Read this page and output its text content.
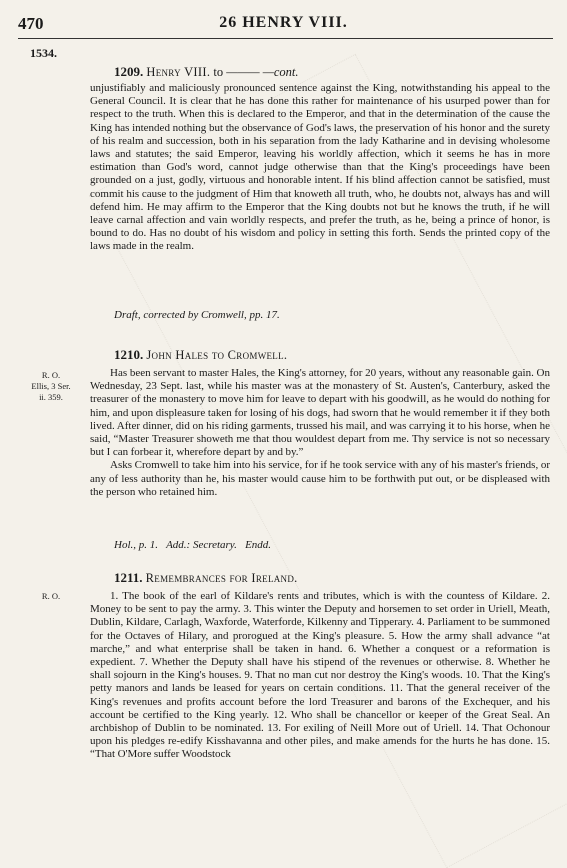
470	26 HENRY VIII.
1534.
1209. Henry VIII. to ——— —cont.

unjustifiably and maliciously pronounced sentence against the King, notwithstanding his appeal to the General Council. It is clear that he has done this rather for maintenance of his usurped power than for respect to the truth. When this is declared to the Emperor, and that in the determination of the cause the King has intended nothing but the observance of God's laws, the preservation of his honor and the surety of his realm and succession, both in his separation from the lady Katharine and in devising wholesome laws and statutes; the said Emperor, leaving his worldly affection, which it seems he has in more estimation than God's word, cannot judge otherwise than that the King's proceedings have been grounded on a just, godly, virtuous and honorable intent. If his blind affection cannot be satisfied, must commit his cause to the judgment of Him that knoweth all truth, who, he doubts not, always has and will defend him. He may affirm to the Emperor that the King doubts not but he knows the truth, if he will leave carnal affection and vain worldly respects, and prefer the truth, as he, being a prince of honor, is bound to do. Has no doubt of his wisdom and policy in setting this forth. Sends the printed copy of the laws made in the realm.

Draft, corrected by Cromwell, pp. 17.
1210. John Hales to Cromwell.
R. O.
Ellis, 3 Ser.
ii. 359.

Has been servant to master Hales, the King's attorney, for 20 years, without any reasonable gain. On Wednesday, 23 Sept. last, while his master was at the monastery of St. Austen's, Canterbury, asked the treasurer of the monastery to move him for leave to depart with his goodwill, as he would do nothing for him, and upon displeasure taken for losing of his dogs, had sworn that he would remember it if they both lived. After dinner, did on his riding garments, trussed his mail, and was carrying it to his horse, when he said, “Master Treasurer showeth me that thou wouldest depart from me. Thy service is not so necessary but I can forbear it, wherefore depart by and by.”

Asks Cromwell to take him into his service, for if he took service with any of his master's friends, or any of less authority than he, his master would cause him to be forthwith put out, or be displeased with the person who retained him.

Hol., p. 1. Add.: Secretary. Endd.
1211. Remembrances for Ireland.
R. O.	1. The book of the earl of Kildare's rents and tributes, which is with the countess of Kildare. 2. Money to be sent to pay the army. 3. This winter the Deputy and horsemen to set order in Uriell, Meath, Dublin, Kildare, Carlagh, Waxforde, Waterforde, Kilkenny and Tipperary. 4. Parliament to be summoned for the Octaves of Hilary, and prorogued at the King's pleasure. 5. How the army shall advance “at marche,” and what enterprise shall be taken in hand. 6. Whether a conquest or a reformation is expedient. 7. Whether the Deputy shall have his stipend of the revenues or otherwise. 8. Whether he shall sojourn in the King's houses. 9. That no man cut nor destroy the King's woods. 10. That the King's petty manors and lands be leased for years on certain conditions. 11. That the general receiver of the King's revenues and profits account before the lord Treasurer and barons of the Exchequer, and his account be certified to the King yearly. 12. Who shall be chancellor or keeper of the Great Seal. An archbishop of Dublin to be nominated. 13. For exiling of Neill More out of Uriell. 14. That Ochonour upon his pledges re-edify Kisshavanna and other piles, and make amends for the hurts he has done. 15. “That O'More suffer Woodstock
